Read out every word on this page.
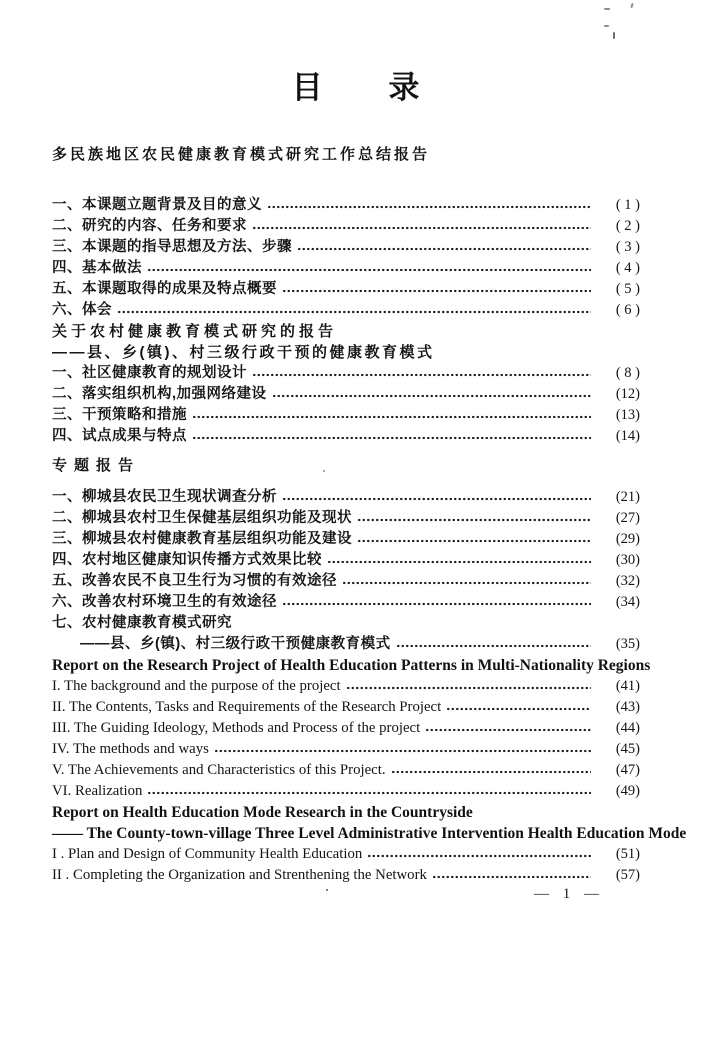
目      录
多民族地区农民健康教育模式研究工作总结报告
一、本课题立题背景及目的意义	( 1 )
二、研究的内容、任务和要求	( 2 )
三、本课题的指导思想及方法、步骤	( 3 )
四、基本做法	( 4 )
五、本课题取得的成果及特点概要	( 5 )
六、体会	( 6 )
关于农村健康教育模式研究的报告
——县、乡(镇)、村三级行政干预的健康教育模式
一、社区健康教育的规划设计	( 8 )
二、落实组织机构,加强网络建设	(12)
三、干预策略和措施	(13)
四、试点成果与特点	(14)
专题报告
一、柳城县农民卫生现状调查分析	(21)
二、柳城县农村卫生保健基层组织功能及现状	(27)
三、柳城县农村健康教育基层组织功能及建设	(29)
四、农村地区健康知识传播方式效果比较	(30)
五、改善农民不良卫生行为习惯的有效途径	(32)
六、改善农村环境卫生的有效途径	(34)
七、农村健康教育模式研究
——县、乡(镇)、村三级行政干预健康教育模式	(35)
Report on the Research Project of Health Education Patterns in Multi-Nationality Regions
I. The background and the purpose of the project	(41)
II. The Contents, Tasks and Requirements of the Research Project	(43)
III. The Guiding Ideology, Methods and Process of the project	(44)
IV. The methods and ways	(45)
V. The Achievements and Characteristics of this Project.	(47)
VI. Realization	(49)
Report on Health Education Mode Research in the Countryside
—— The County-town-village Three Level Administrative Intervention Health Education Mode
I . Plan and Design of Community Health Education	(51)
II . Completing the Organization and Strenthening the Network	(57)
— 1 —
